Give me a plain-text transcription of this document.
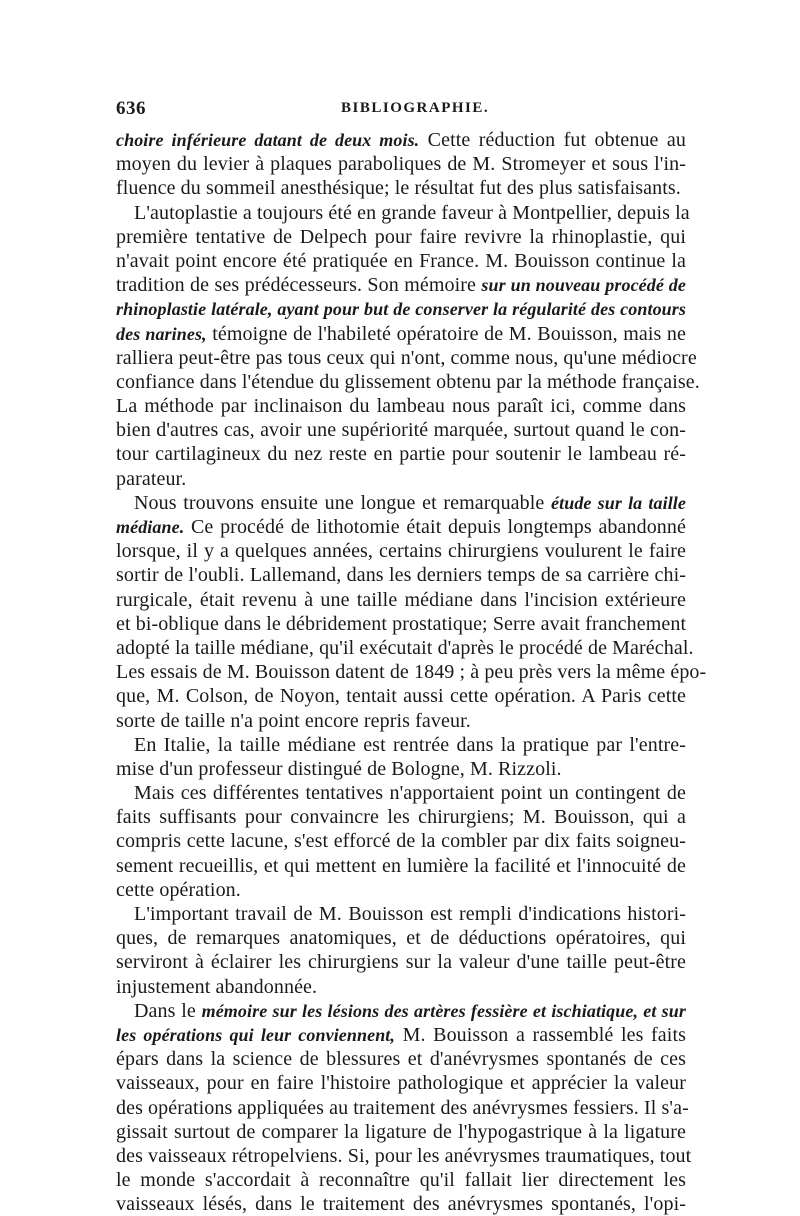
636	BIBLIOGRAPHIE.
choire inférieure datant de deux mois. Cette réduction fut obtenue au
moyen du levier à plaques paraboliques de M. Stromeyer et sous l'in-
fluence du sommeil anesthésique; le résultat fut des plus satisfaisants.
L'autoplastie a toujours été en grande faveur à Montpellier, depuis la
première tentative de Delpech pour faire revivre la rhinoplastie, qui
n'avait point encore été pratiquée en France. M. Bouisson continue la
tradition de ses prédécesseurs. Son mémoire sur un nouveau procédé de
rhinoplastie latérale, ayant pour but de conserver la régularité des contours
des narines, témoigne de l'habileté opératoire de M. Bouisson, mais ne
ralliera peut-être pas tous ceux qui n'ont, comme nous, qu'une médiocre
confiance dans l'étendue du glissement obtenu par la méthode française.
La méthode par inclinaison du lambeau nous paraît ici, comme dans
bien d'autres cas, avoir une supériorité marquée, surtout quand le con-
tour cartilagineux du nez reste en partie pour soutenir le lambeau ré-
parateur.
Nous trouvons ensuite une longue et remarquable étude sur la taille
médiane. Ce procédé de lithotomie était depuis longtemps abandonné
lorsque, il y a quelques années, certains chirurgiens voulurent le faire
sortir de l'oubli. Lallemand, dans les derniers temps de sa carrière chi-
rurgicale, était revenu à une taille médiane dans l'incision extérieure
et bi-oblique dans le débridement prostatique; Serre avait franchement
adopté la taille médiane, qu'il exécutait d'après le procédé de Maréchal.
Les essais de M. Bouisson datent de 1849 ; à peu près vers la même épo-
que, M. Colson, de Noyon, tentait aussi cette opération. A Paris cette
sorte de taille n'a point encore repris faveur.
En Italie, la taille médiane est rentrée dans la pratique par l'entre-
mise d'un professeur distingué de Bologne, M. Rizzoli.
Mais ces différentes tentatives n'apportaient point un contingent de
faits suffisants pour convaincre les chirurgiens; M. Bouisson, qui a
compris cette lacune, s'est efforcé de la combler par dix faits soigneu-
sement recueillis, et qui mettent en lumière la facilité et l'innocuité de
cette opération.
L'important travail de M. Bouisson est rempli d'indications histori-
ques, de remarques anatomiques, et de déductions opératoires, qui
serviront à éclairer les chirurgiens sur la valeur d'une taille peut-être
injustement abandonnée.
Dans le mémoire sur les lésions des artères fessière et ischiatique, et sur
les opérations qui leur conviennent, M. Bouisson a rassemblé les faits
épars dans la science de blessures et d'anévrysmes spontanés de ces
vaisseaux, pour en faire l'histoire pathologique et apprécier la valeur
des opérations appliquées au traitement des anévrysmes fessiers. Il s'a-
gissait surtout de comparer la ligature de l'hypogastrique à la ligature
des vaisseaux rétropelviens. Si, pour les anévrysmes traumatiques, tout
le monde s'accordait à reconnaître qu'il fallait lier directement les
vaisseaux lésés, dans le traitement des anévrysmes spontanés, l'opi-
